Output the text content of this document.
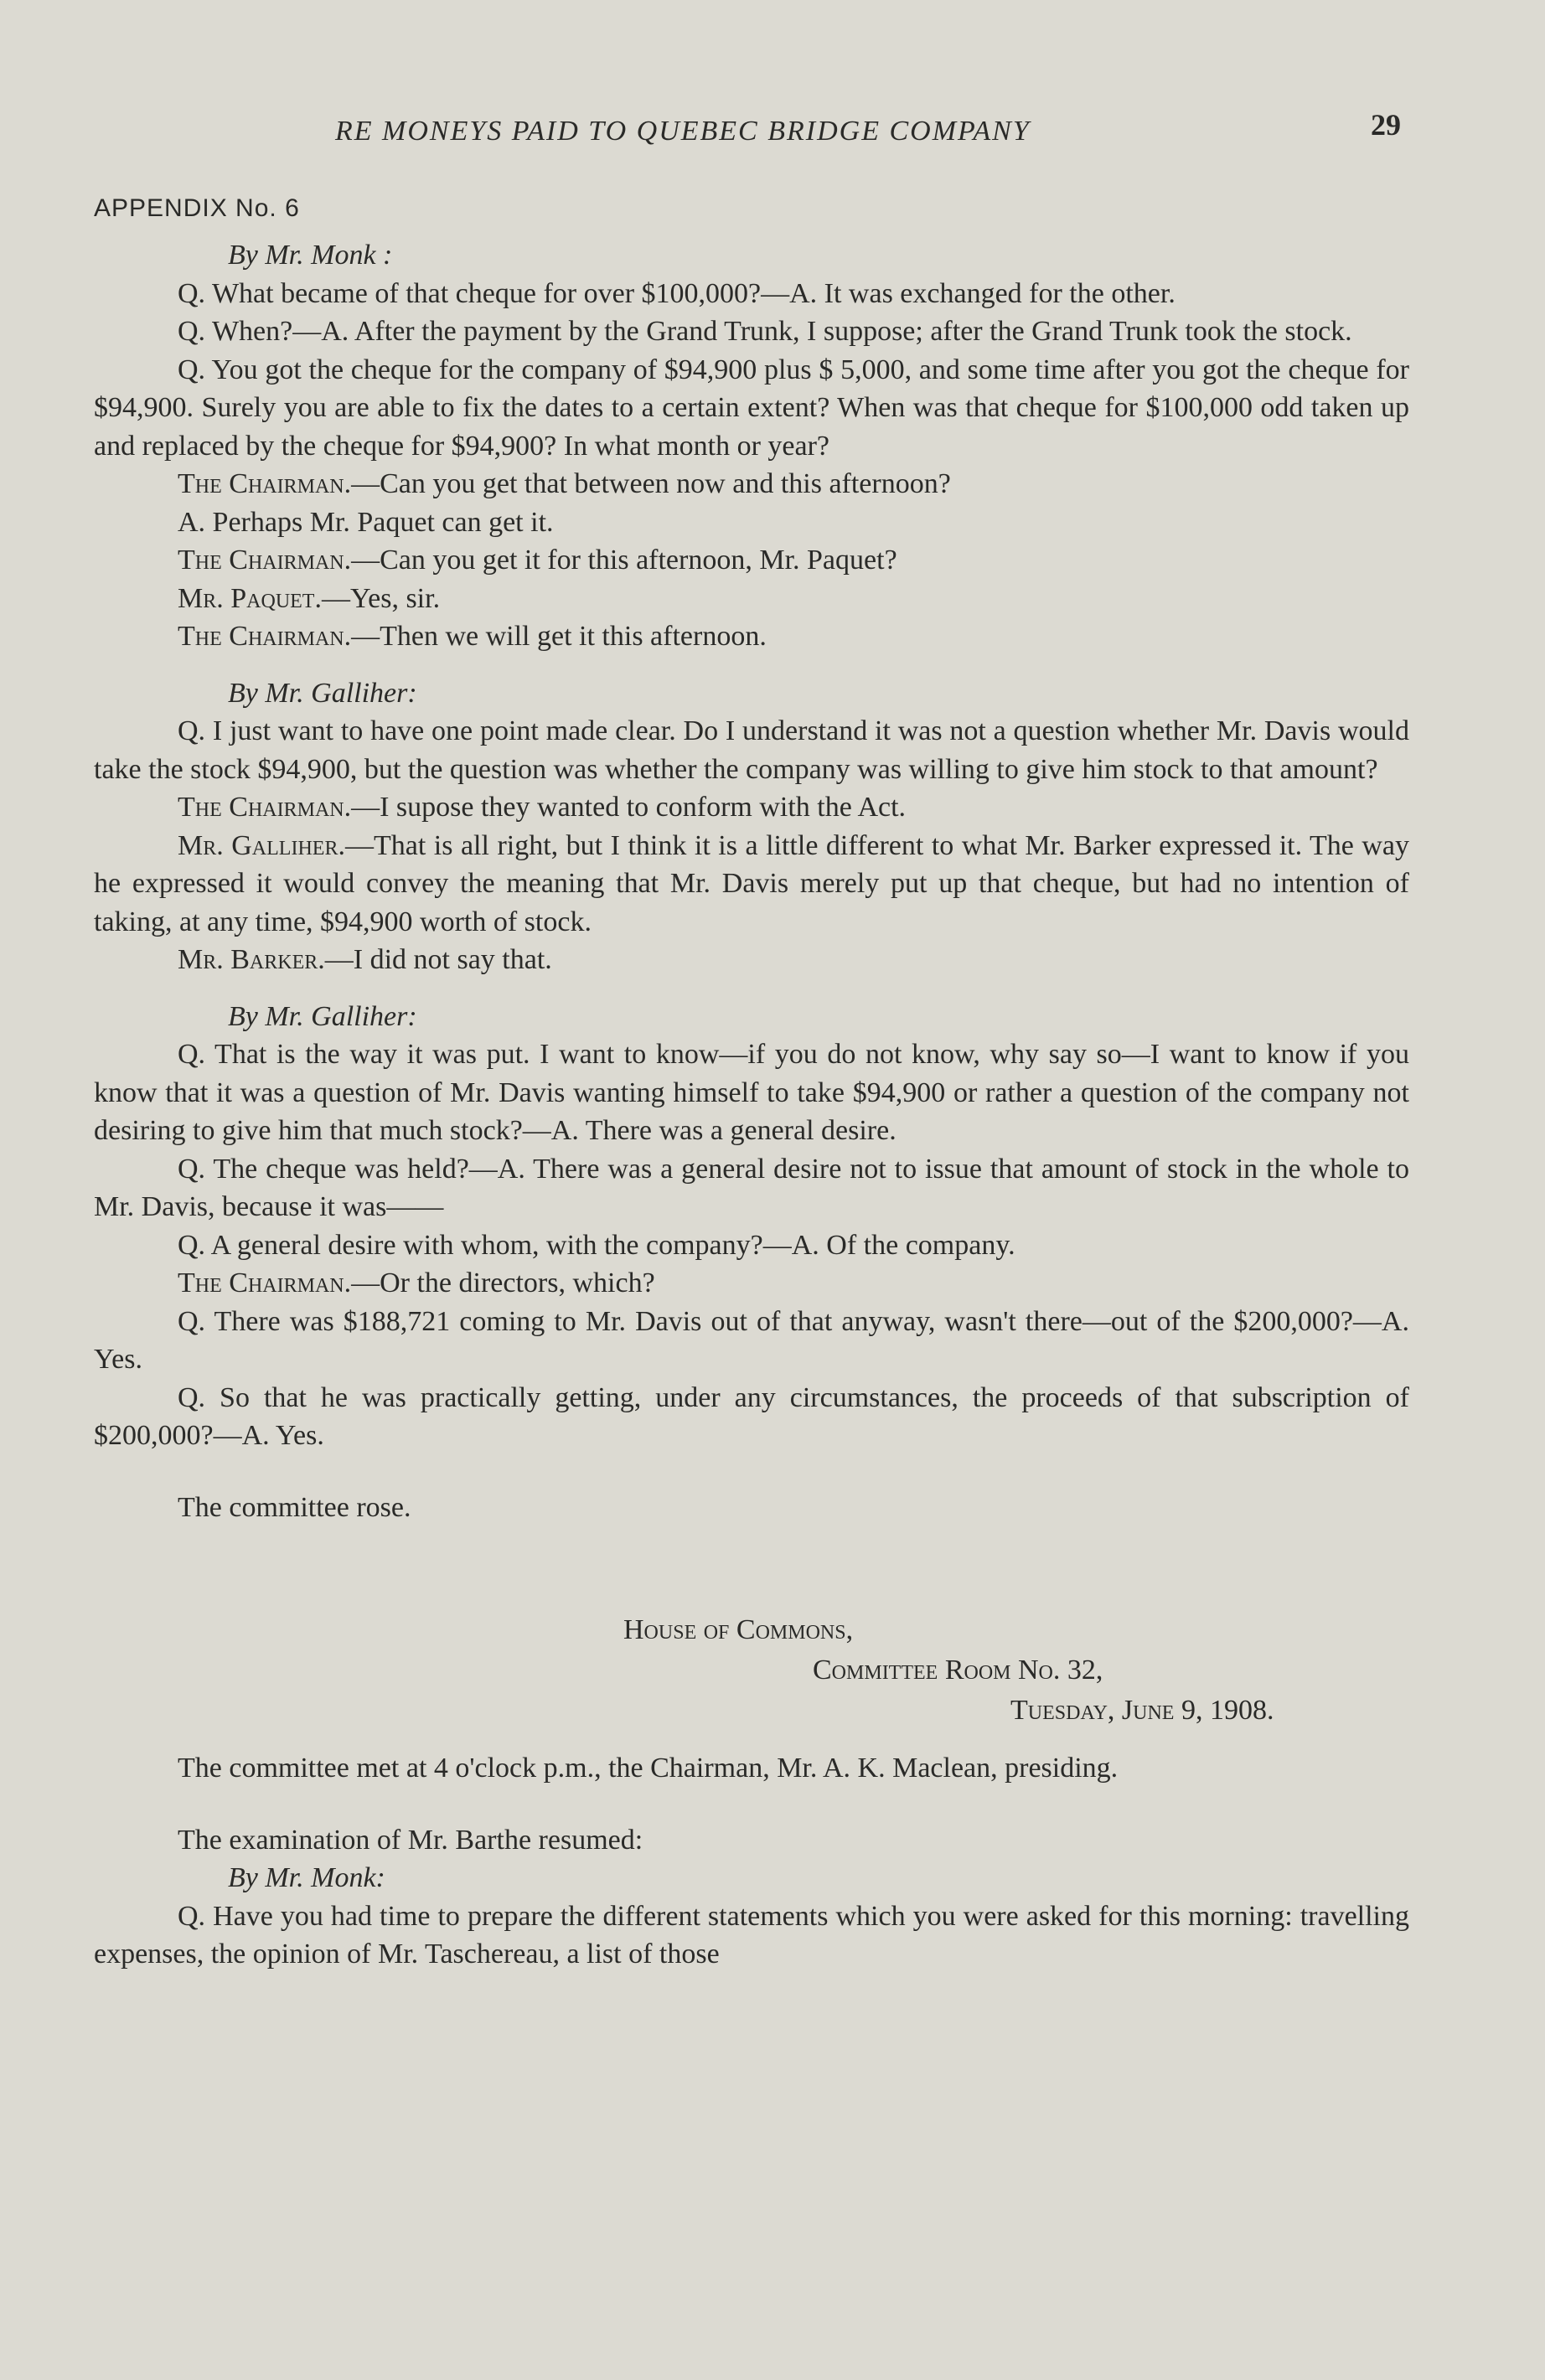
RE MONEYS PAID TO QUEBEC BRIDGE COMPANY	29
APPENDIX No. 6

By Mr. Monk :

Q. What became of that cheque for over $100,000?—A. It was exchanged for the other.

Q. When?—A. After the payment by the Grand Trunk, I suppose; after the Grand Trunk took the stock.

Q. You got the cheque for the company of $94,900 plus $ 5,000, and some time after you got the cheque for $94,900. Surely you are able to fix the dates to a certain extent? When was that cheque for $100,000 odd taken up and replaced by the cheque for $94,900? In what month or year?

The Chairman.—Can you get that between now and this afternoon?

A. Perhaps Mr. Paquet can get it.

The Chairman.—Can you get it for this afternoon, Mr. Paquet?

Mr. Paquet.—Yes, sir.

The Chairman.—Then we will get it this afternoon.

By Mr. Galliher:

Q. I just want to have one point made clear. Do I understand it was not a question whether Mr. Davis would take the stock $94,900, but the question was whether the company was willing to give him stock to that amount?

The Chairman.—I supose they wanted to conform with the Act.

Mr. Galliher.—That is all right, but I think it is a little different to what Mr. Barker expressed it. The way he expressed it would convey the meaning that Mr. Davis merely put up that cheque, but had no intention of taking, at any time, $94,900 worth of stock.

Mr. Barker.—I did not say that.

By Mr. Galliher:

Q. That is the way it was put. I want to know—if you do not know, why say so—I want to know if you know that it was a question of Mr. Davis wanting himself to take $94,900 or rather a question of the company not desiring to give him that much stock?—A. There was a general desire.

Q. The cheque was held?—A. There was a general desire not to issue that amount of stock in the whole to Mr. Davis, because it was——

Q. A general desire with whom, with the company?—A. Of the company.

The Chairman.—Or the directors, which?

Q. There was $188,721 coming to Mr. Davis out of that anyway, wasn't there—out of the $200,000?—A. Yes.

Q. So that he was practically getting, under any circumstances, the proceeds of that subscription of $200,000?—A. Yes.

The committee rose.

House of Commons,
Committee Room No. 32,
Tuesday, June 9, 1908.

The committee met at 4 o'clock p.m., the Chairman, Mr. A. K. Maclean, presiding.

The examination of Mr. Barthe resumed:

By Mr. Monk:

Q. Have you had time to prepare the different statements which you were asked for this morning: travelling expenses, the opinion of Mr. Taschereau, a list of those
